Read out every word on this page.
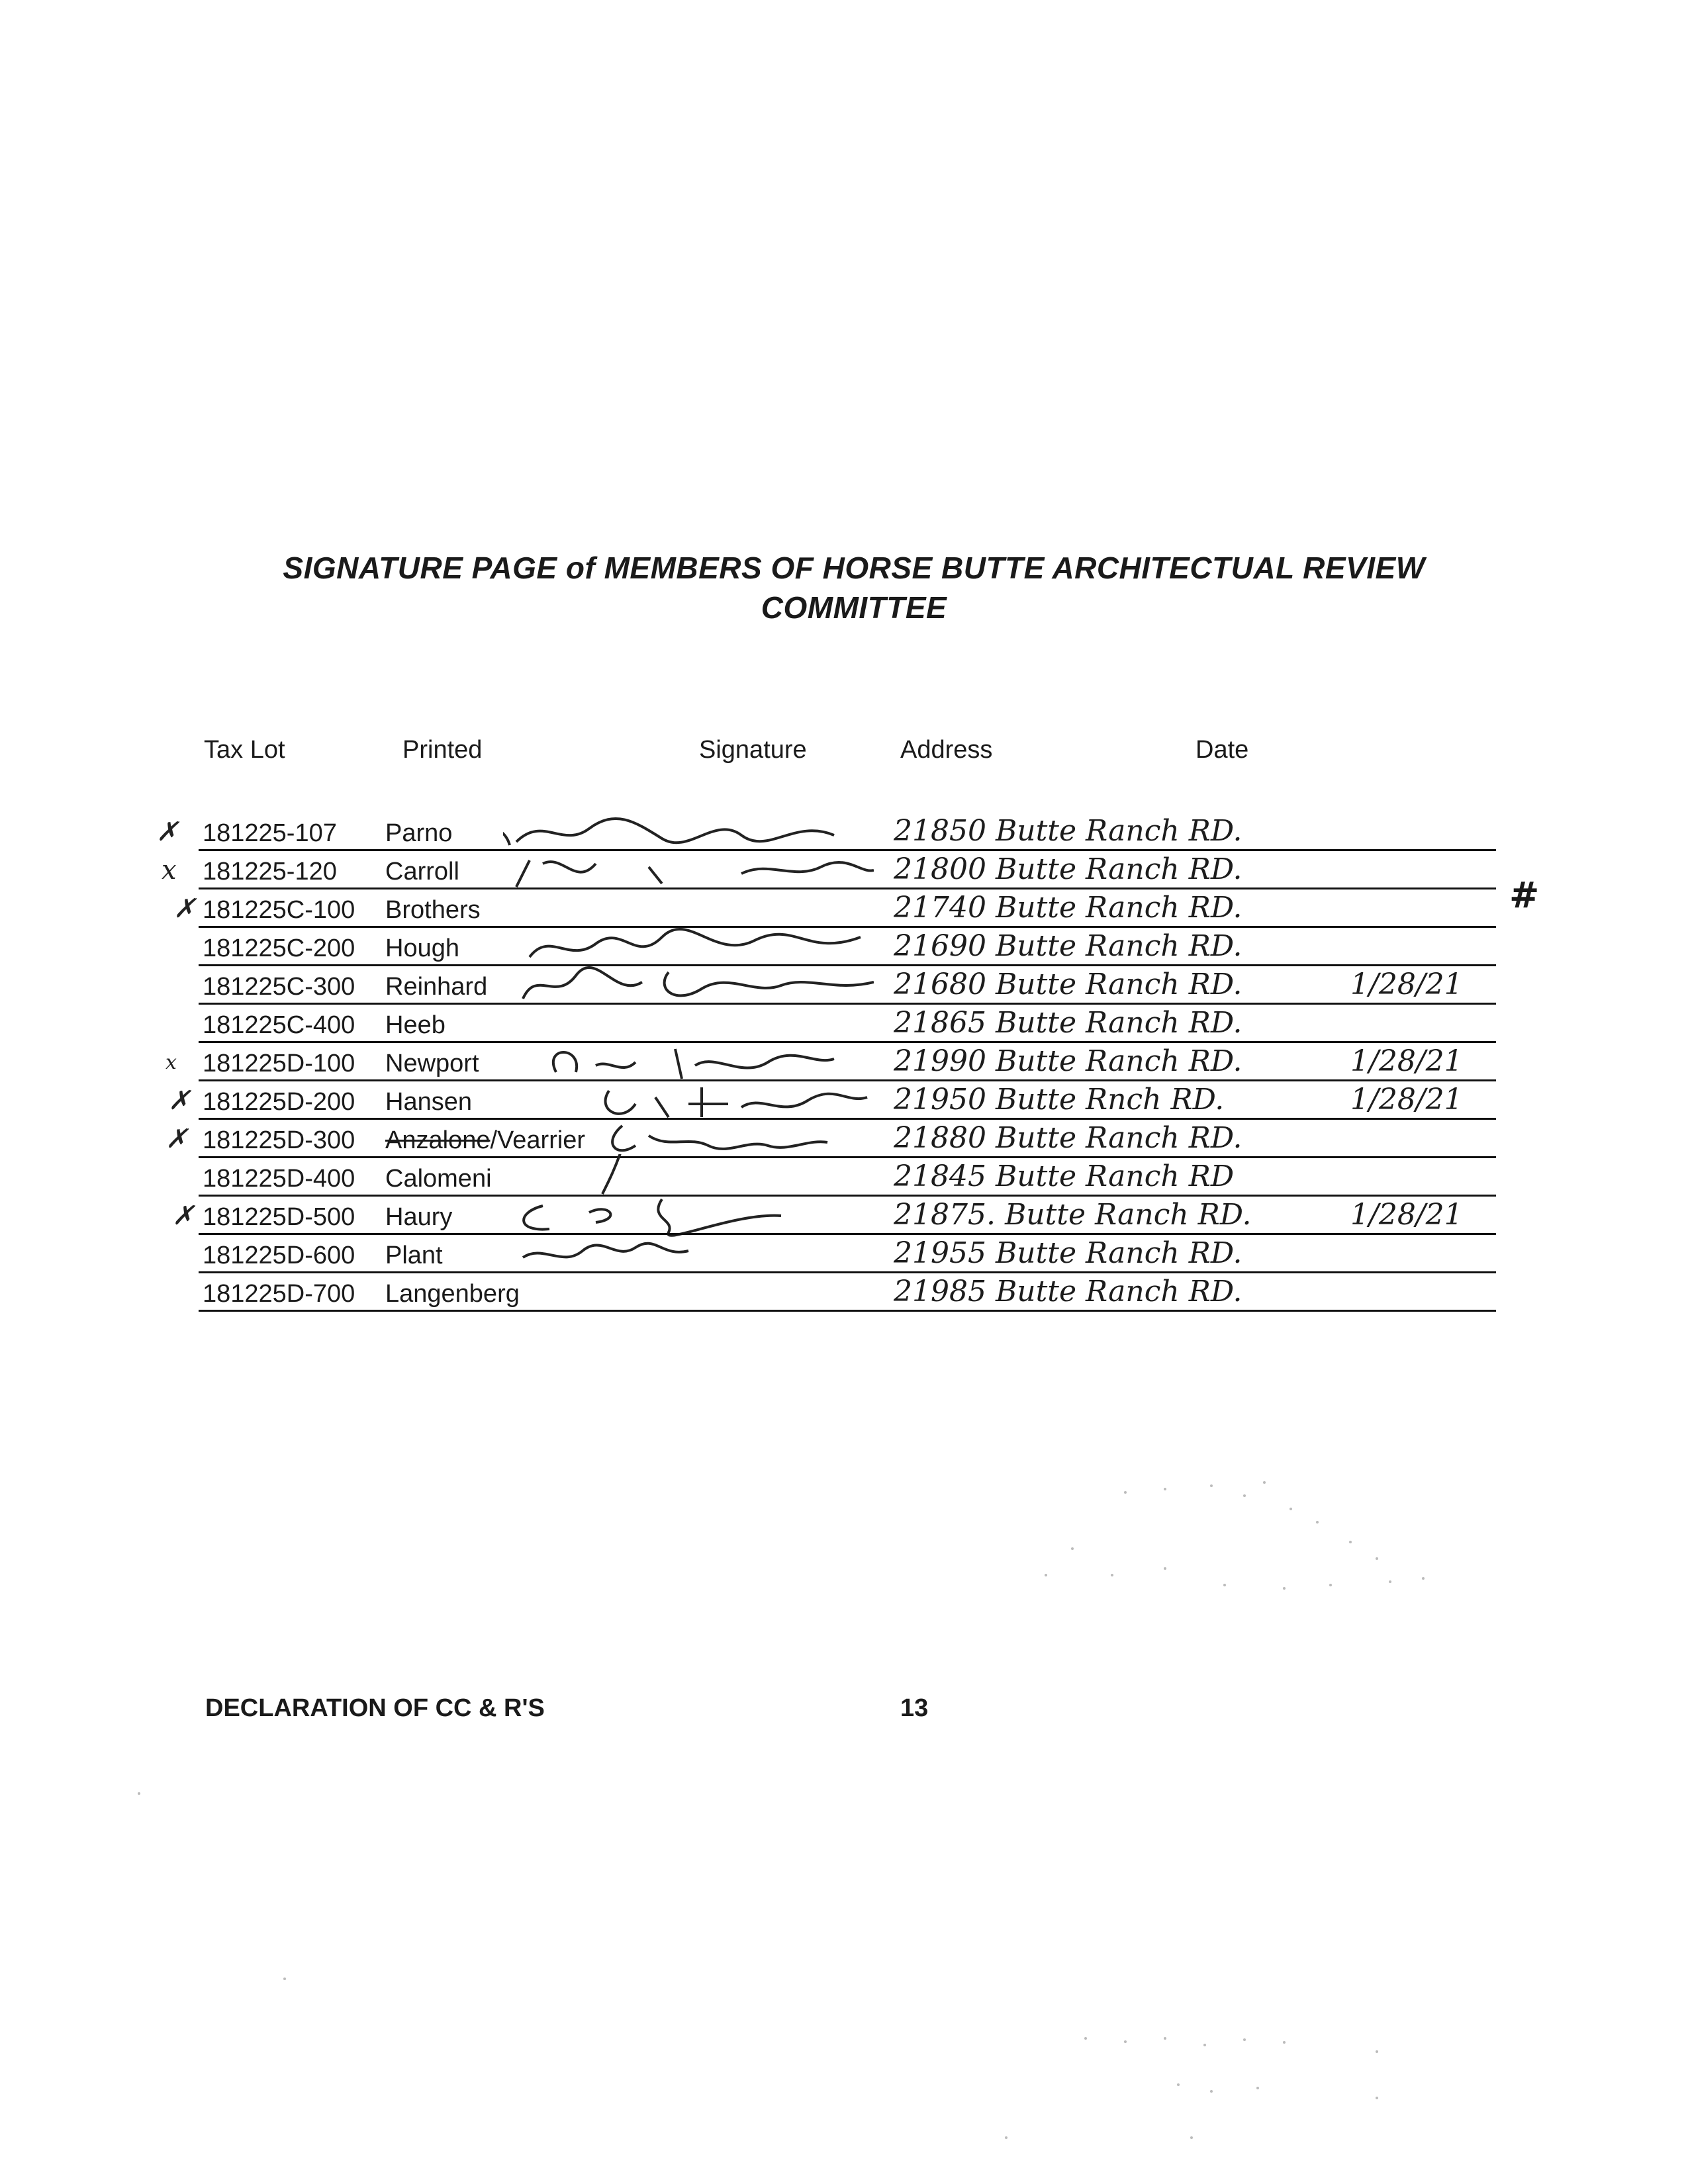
SIGNATURE PAGE of MEMBERS OF HORSE BUTTE ARCHITECTUAL REVIEW COMMITTEE
Tax Lot	Printed	Signature	Address	Date
✗ 181225-107 Parno	21850 Butte Ranch RD.
x 181225-120 Carroll	21800 Butte Ranch RD.
✗ 181225C-100 Brothers	21740 Butte Ranch RD.
181225C-200 Hough	21690 Butte Ranch RD.
181225C-300 Reinhard	21680 Butte Ranch RD.	1/28/21
181225C-400 Heeb	21865 Butte Ranch RD.
x 181225D-100 Newport	21990 Butte Ranch RD.	1/28/21
✗ 181225D-200 Hansen	21950 Butte Rnch RD.	1/28/21
✗ 181225D-300 Anzalone/Vearrier	21880 Butte Ranch RD.
181225D-400 Calomeni	21845 Butte Ranch RD
✗ 181225D-500 Haury	21875. Butte Ranch RD.	1/28/21
181225D-600 Plant	21955 Butte Ranch RD.
181225D-700 Langenberg	21985 Butte Ranch RD.
#
DECLARATION OF CC & R'S	13
